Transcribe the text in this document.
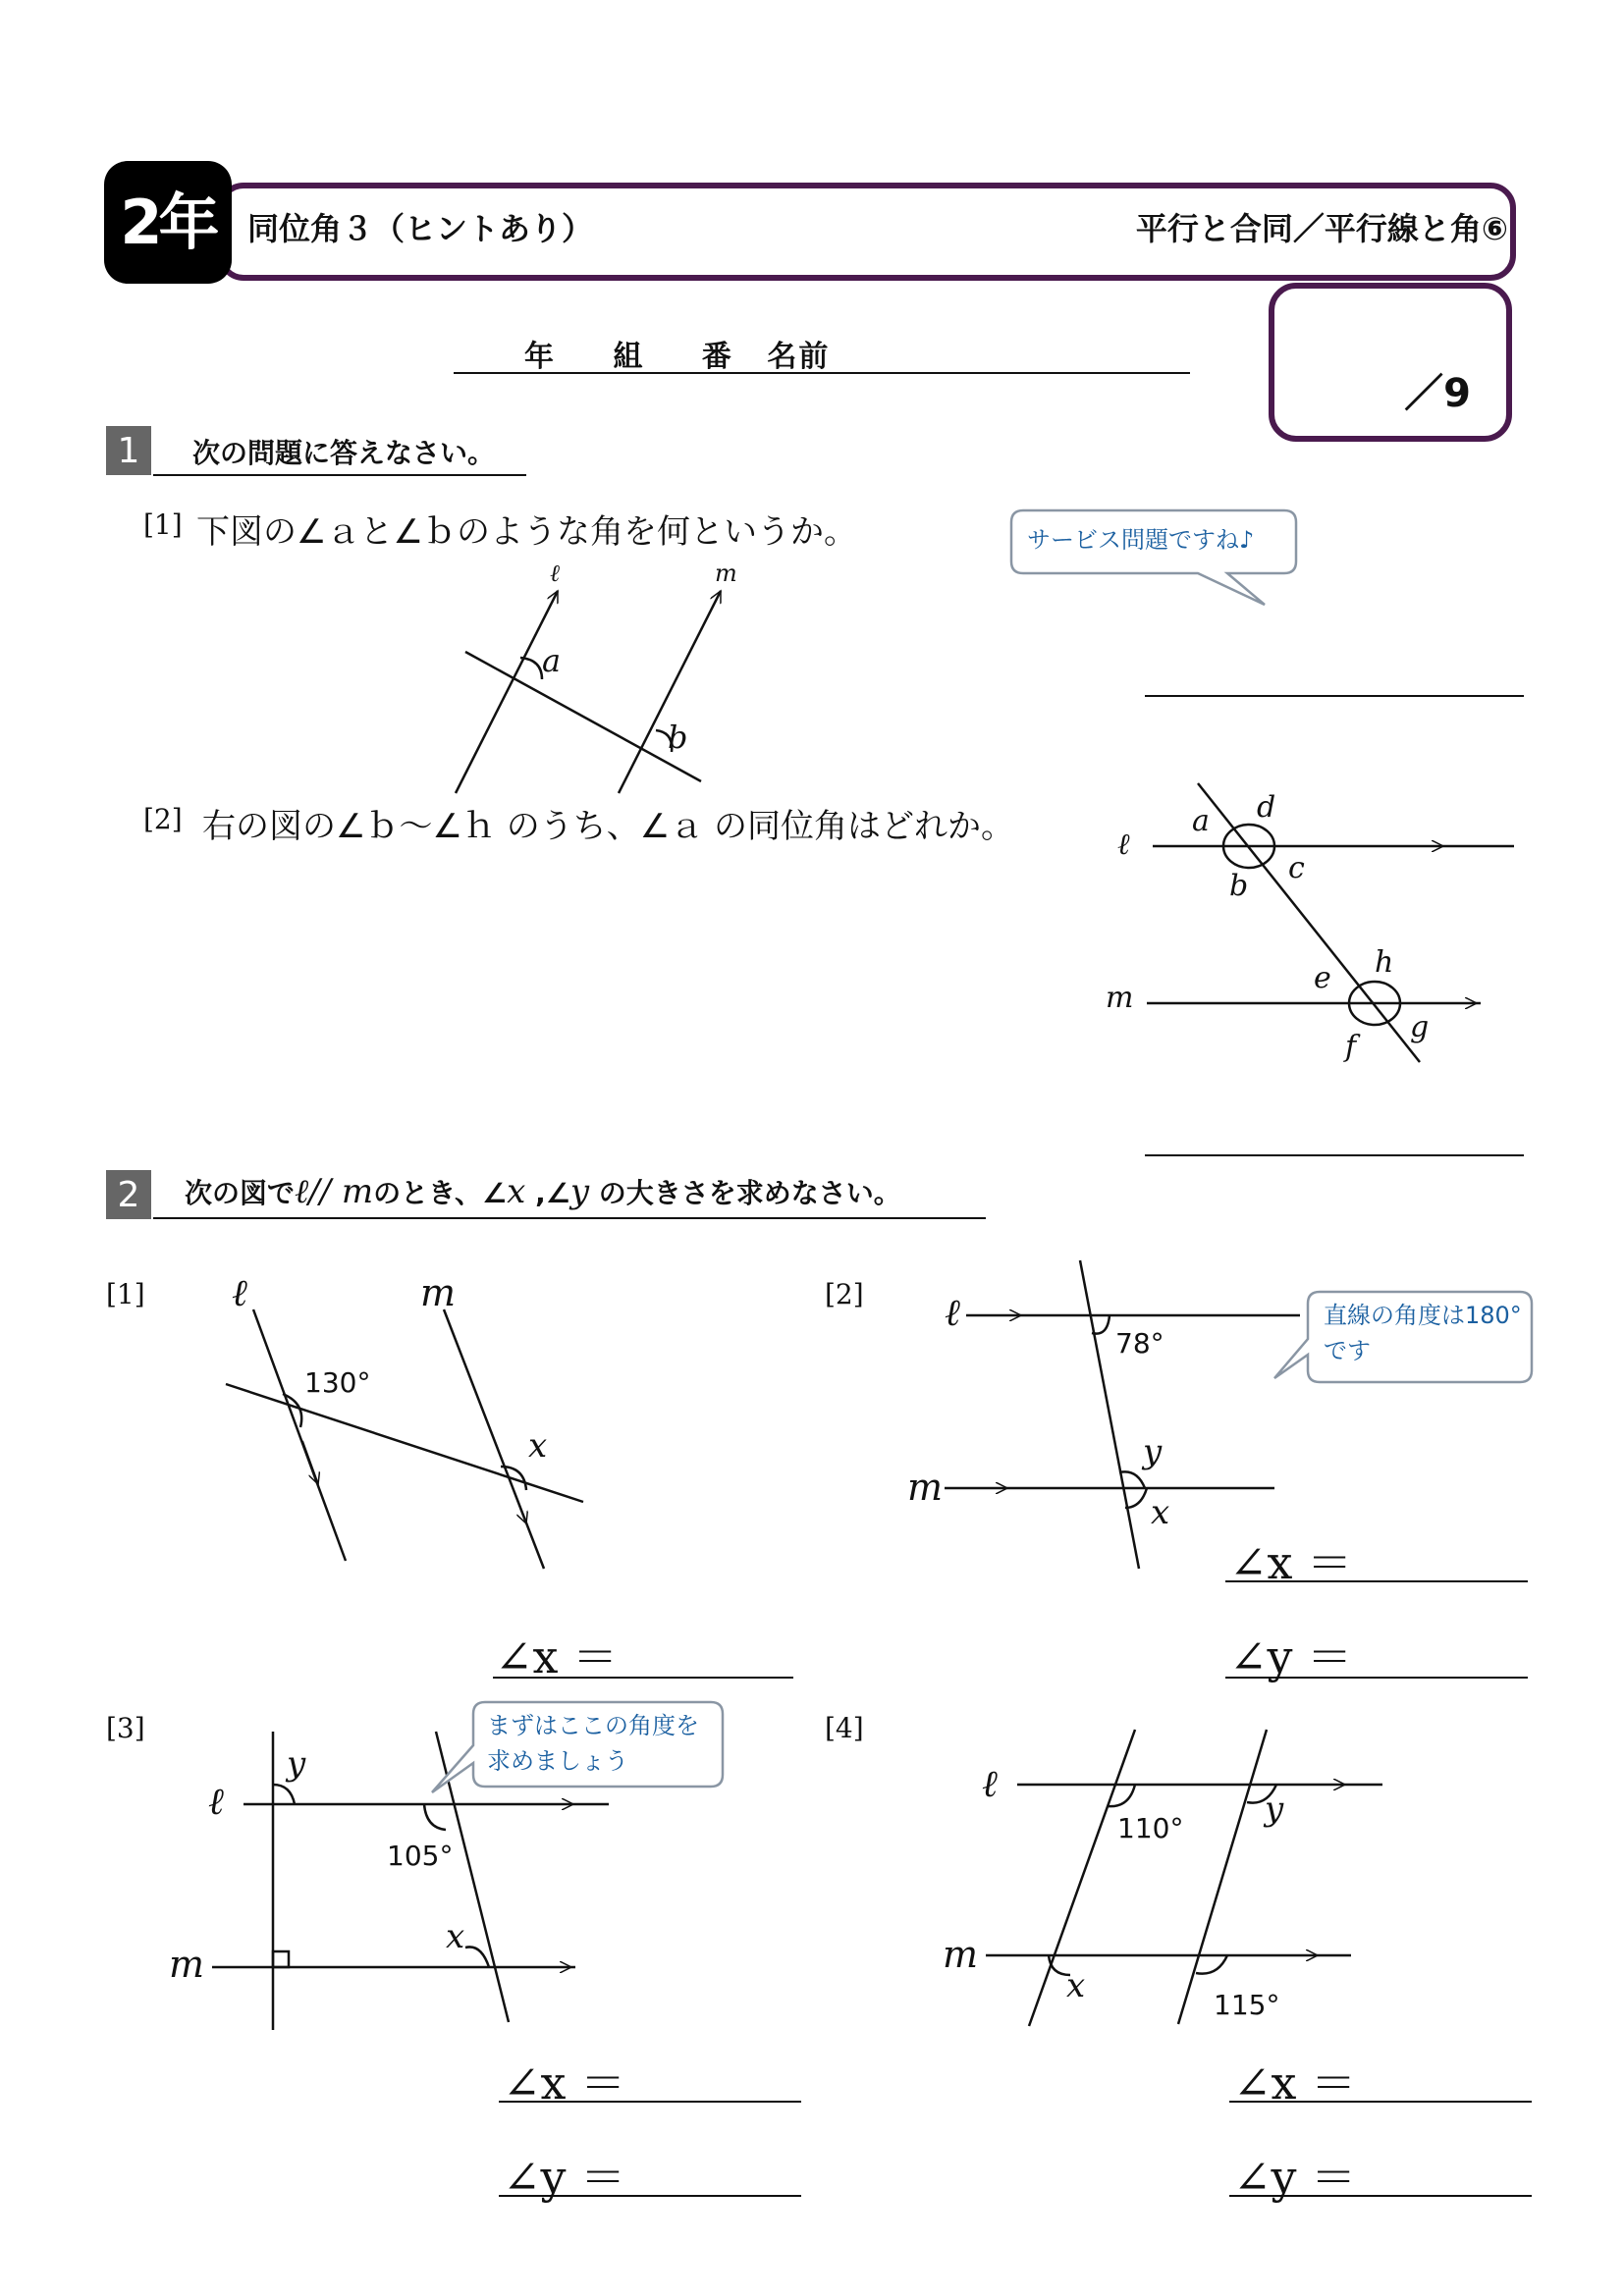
2年	同位角３（ヒントあり）	平行と合同／平行線と角⑥
／9
年 組 番 名前
1	次の問題に答えなさい。
[1] 下図の∠ａと∠ｂのような角を何というか。
[2] 右の図の∠ｂ〜∠ｈ のうち、∠ａ の同位角はどれか。
2	次の図でℓ// mのとき、∠x ,∠y の大きさを求めなさい。
[1]	[2]
[3]	[4]
∠x ＝
∠x ＝
∠y ＝
∠x ＝
∠y ＝
∠x ＝
∠y ＝
サービス問題ですね♪
ℓ	m
a
b
ℓ
m
a
b
c
d
e
f
g
h
ℓ	m
130°
x
ℓ
m
78°
y
x
直線の角度は180°
です
ℓ
m
y
105°
x
まずはここの角度を
求めましょう
ℓ
m
110° y
x	115°
